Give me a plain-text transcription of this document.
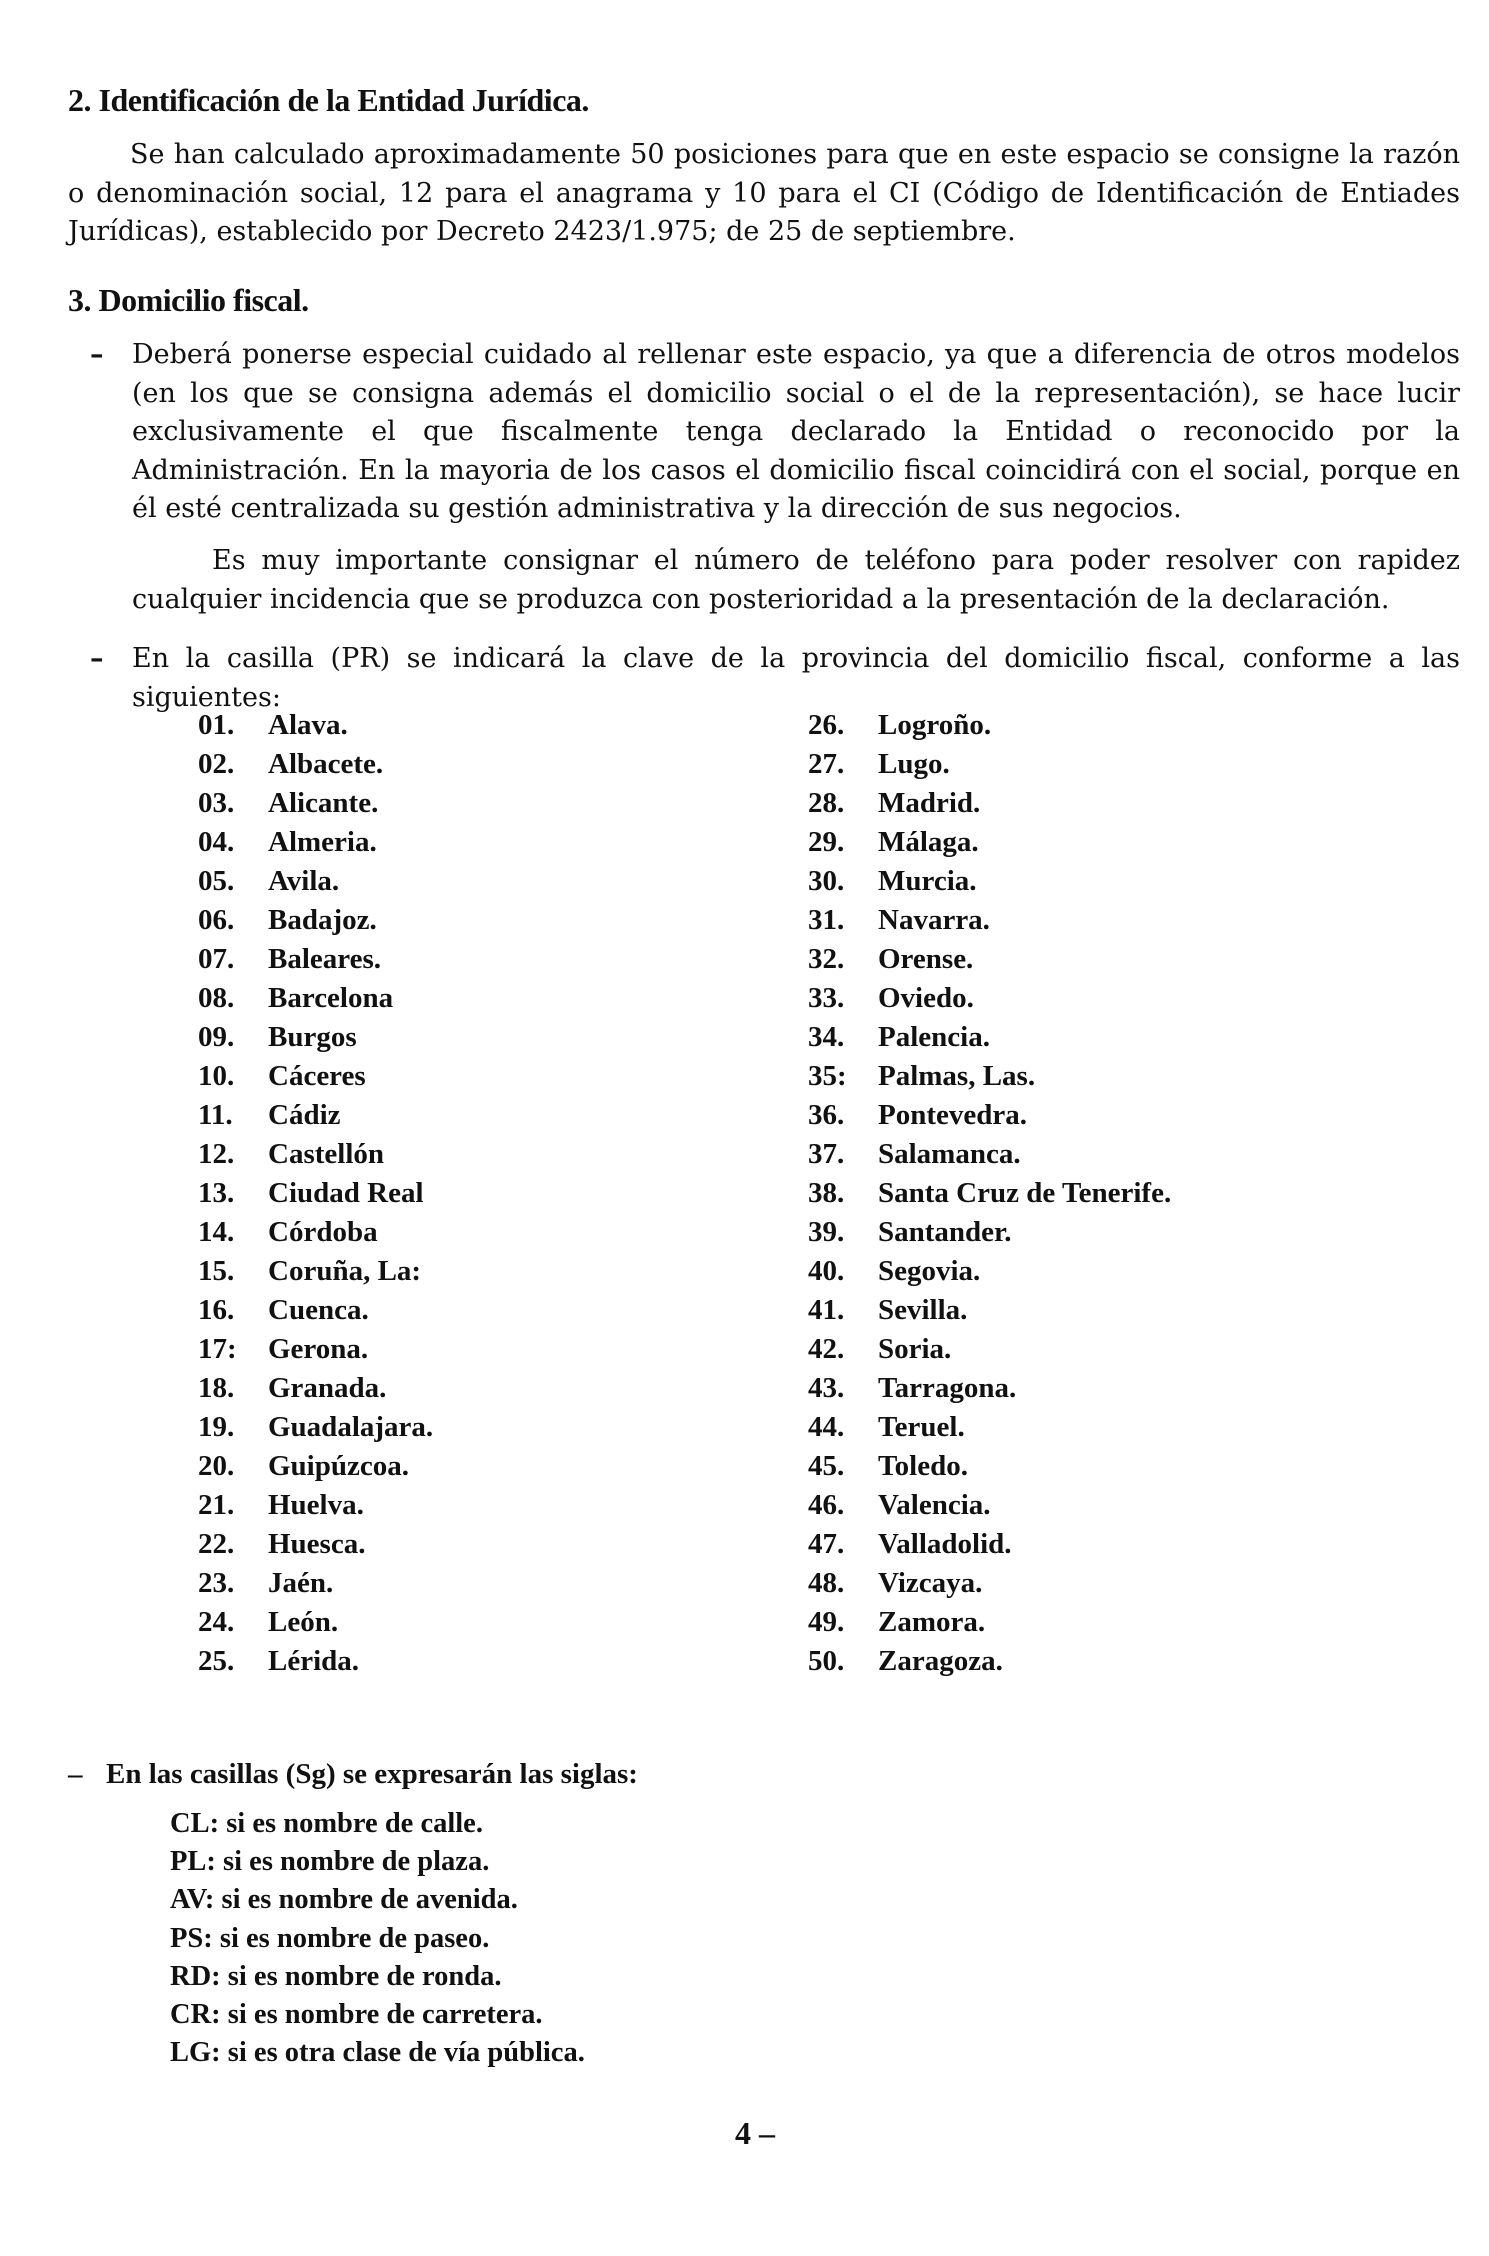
2. Identificación de la Entidad Jurídica.
Se han calculado aproximadamente 50 posiciones para que en este espacio se consigne la razón o denominación social, 12 para el anagrama y 10 para el CI (Código de Identificación de Entiades Jurídicas), establecido por Decreto 2423/1.975; de 25 de septiembre.
3. Domicilio fiscal.
–	Deberá ponerse especial cuidado al rellenar este espacio, ya que a diferencia de otros modelos (en los que se consigna además el domicilio social o el de la representación), se hace lucir exclusivamente el que fiscalmente tenga declarado la Entidad o reconocido por la Administración. En la mayoria de los casos el domicilio fiscal coincidirá con el social, porque en él esté centralizada su gestión administrativa y la dirección de sus negocios.
Es muy importante consignar el número de teléfono para poder resolver con rapidez cualquier incidencia que se produzca con posterioridad a la presentación de la declaración.
–	En la casilla (PR) se indicará la clave de la provincia del domicilio fiscal, conforme a las siguientes:
01.	Alava.
02.	Albacete.
03.	Alicante.
04.	Almeria.
05.	Avila.
06.	Badajoz.
07.	Baleares.
08.	Barcelona
09.	Burgos
10.	Cáceres
11.	Cádiz
12.	Castellón
13.	Ciudad Real
14.	Córdoba
15.	Coruña, La:
16.	Cuenca.
17:	Gerona.
18.	Granada.
19.	Guadalajara.
20.	Guipúzcoa.
21.	Huelva.
22.	Huesca.
23.	Jaén.
24.	León.
25.	Lérida.
26.	Logroño.
27.	Lugo.
28.	Madrid.
29.	Málaga.
30.	Murcia.
31.	Navarra.
32.	Orense.
33.	Oviedo.
34.	Palencia.
35:	Palmas, Las.
36.	Pontevedra.
37.	Salamanca.
38.	Santa Cruz de Tenerife.
39.	Santander.
40.	Segovia.
41.	Sevilla.
42.	Soria.
43.	Tarragona.
44.	Teruel.
45.	Toledo.
46.	Valencia.
47.	Valladolid.
48.	Vizcaya.
49.	Zamora.
50.	Zaragoza.
– En las casillas (Sg) se expresarán las siglas:
CL: si es nombre de calle.
PL: si es nombre de plaza.
AV: si es nombre de avenida.
PS: si es nombre de paseo.
RD: si es nombre de ronda.
CR: si es nombre de carretera.
LG: si es otra clase de vía pública.
4 –
